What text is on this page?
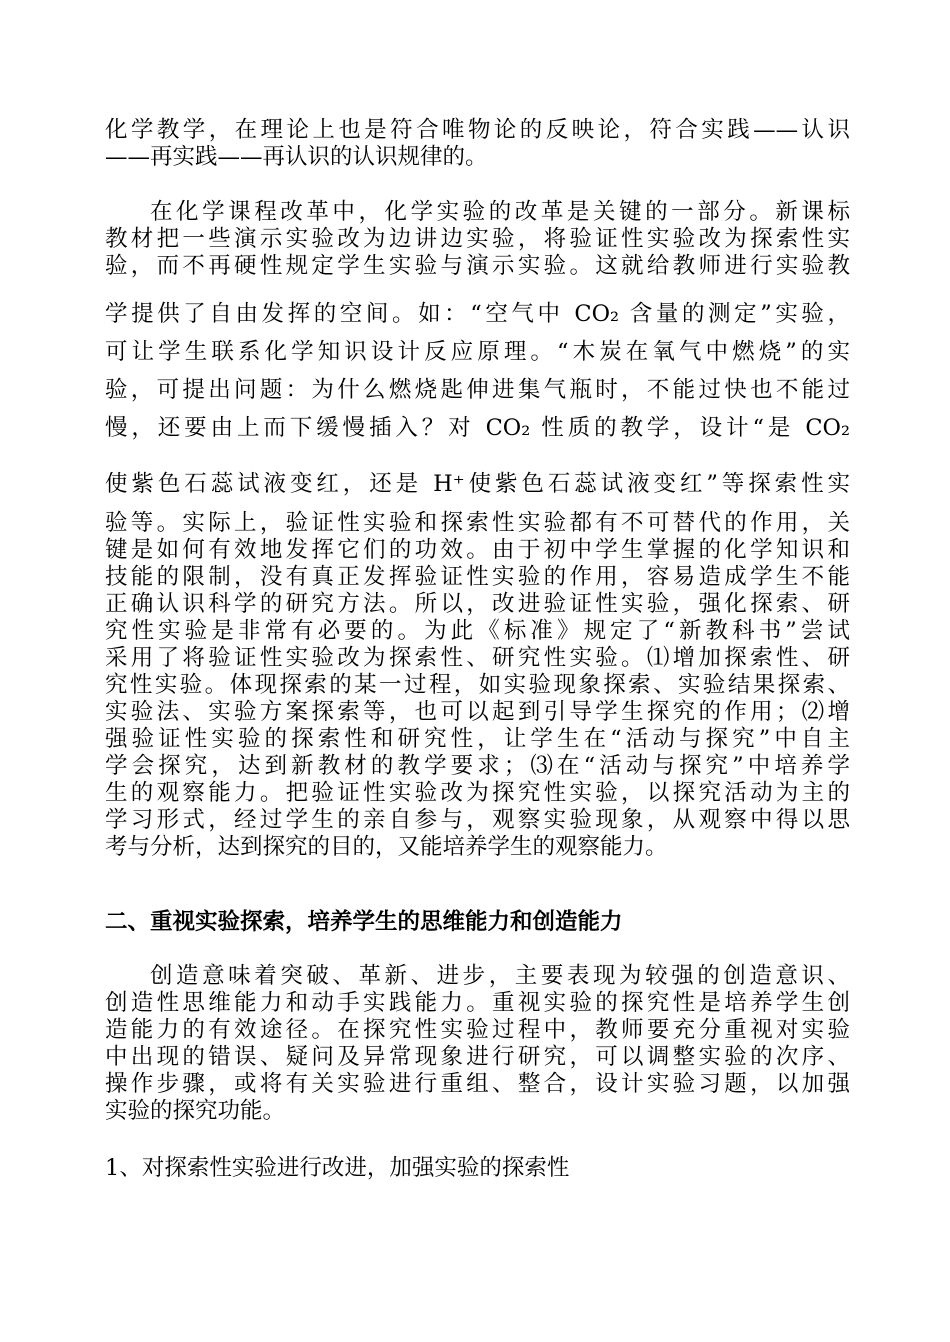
化学教学，在理论上也是符合唯物论的反映论，符合实践——认识
——再实践——再认识的认识规律的。
在化学课程改革中，化学实验的改革是关键的一部分。新课标
教材把一些演示实验改为边讲边实验，将验证性实验改为探索性实
验，而不再硬性规定学生实验与演示实验。这就给教师进行实验教
学提供了自由发挥的空间。如：“空气中 CO₂ 含量的测定”实验，
可让学生联系化学知识设计反应原理。“木炭在氧气中燃烧”的实
验，可提出问题：为什么燃烧匙伸进集气瓶时，不能过快也不能过
慢，还要由上而下缓慢插入？对 CO₂ 性质的教学，设计“是 CO₂
使紫色石蕊试液变红，还是 H⁺使紫色石蕊试液变红”等探索性实
验等。实际上，验证性实验和探索性实验都有不可替代的作用，关
键是如何有效地发挥它们的功效。由于初中学生掌握的化学知识和
技能的限制，没有真正发挥验证性实验的作用，容易造成学生不能
正确认识科学的研究方法。所以，改进验证性实验，强化探索、研
究性实验是非常有必要的。为此《标准》规定了“新教科书”尝试
采用了将验证性实验改为探索性、研究性实验。⑴增加探索性、研
究性实验。体现探索的某一过程，如实验现象探索、实验结果探索、
实验法、实验方案探索等，也可以起到引导学生探究的作用；⑵增
强验证性实验的探索性和研究性，让学生在“活动与探究”中自主
学会探究，达到新教材的教学要求；⑶在“活动与探究”中培养学
生的观察能力。把验证性实验改为探究性实验，以探究活动为主的
学习形式，经过学生的亲自参与，观察实验现象，从观察中得以思
考与分析，达到探究的目的，又能培养学生的观察能力。
二、重视实验探索，培养学生的思维能力和创造能力
创造意味着突破、革新、进步，主要表现为较强的创造意识、
创造性思维能力和动手实践能力。重视实验的探究性是培养学生创
造能力的有效途径。在探究性实验过程中，教师要充分重视对实验
中出现的错误、疑问及异常现象进行研究，可以调整实验的次序、
操作步骤，或将有关实验进行重组、整合，设计实验习题，以加强
实验的探究功能。
1、对探索性实验进行改进，加强实验的探索性
